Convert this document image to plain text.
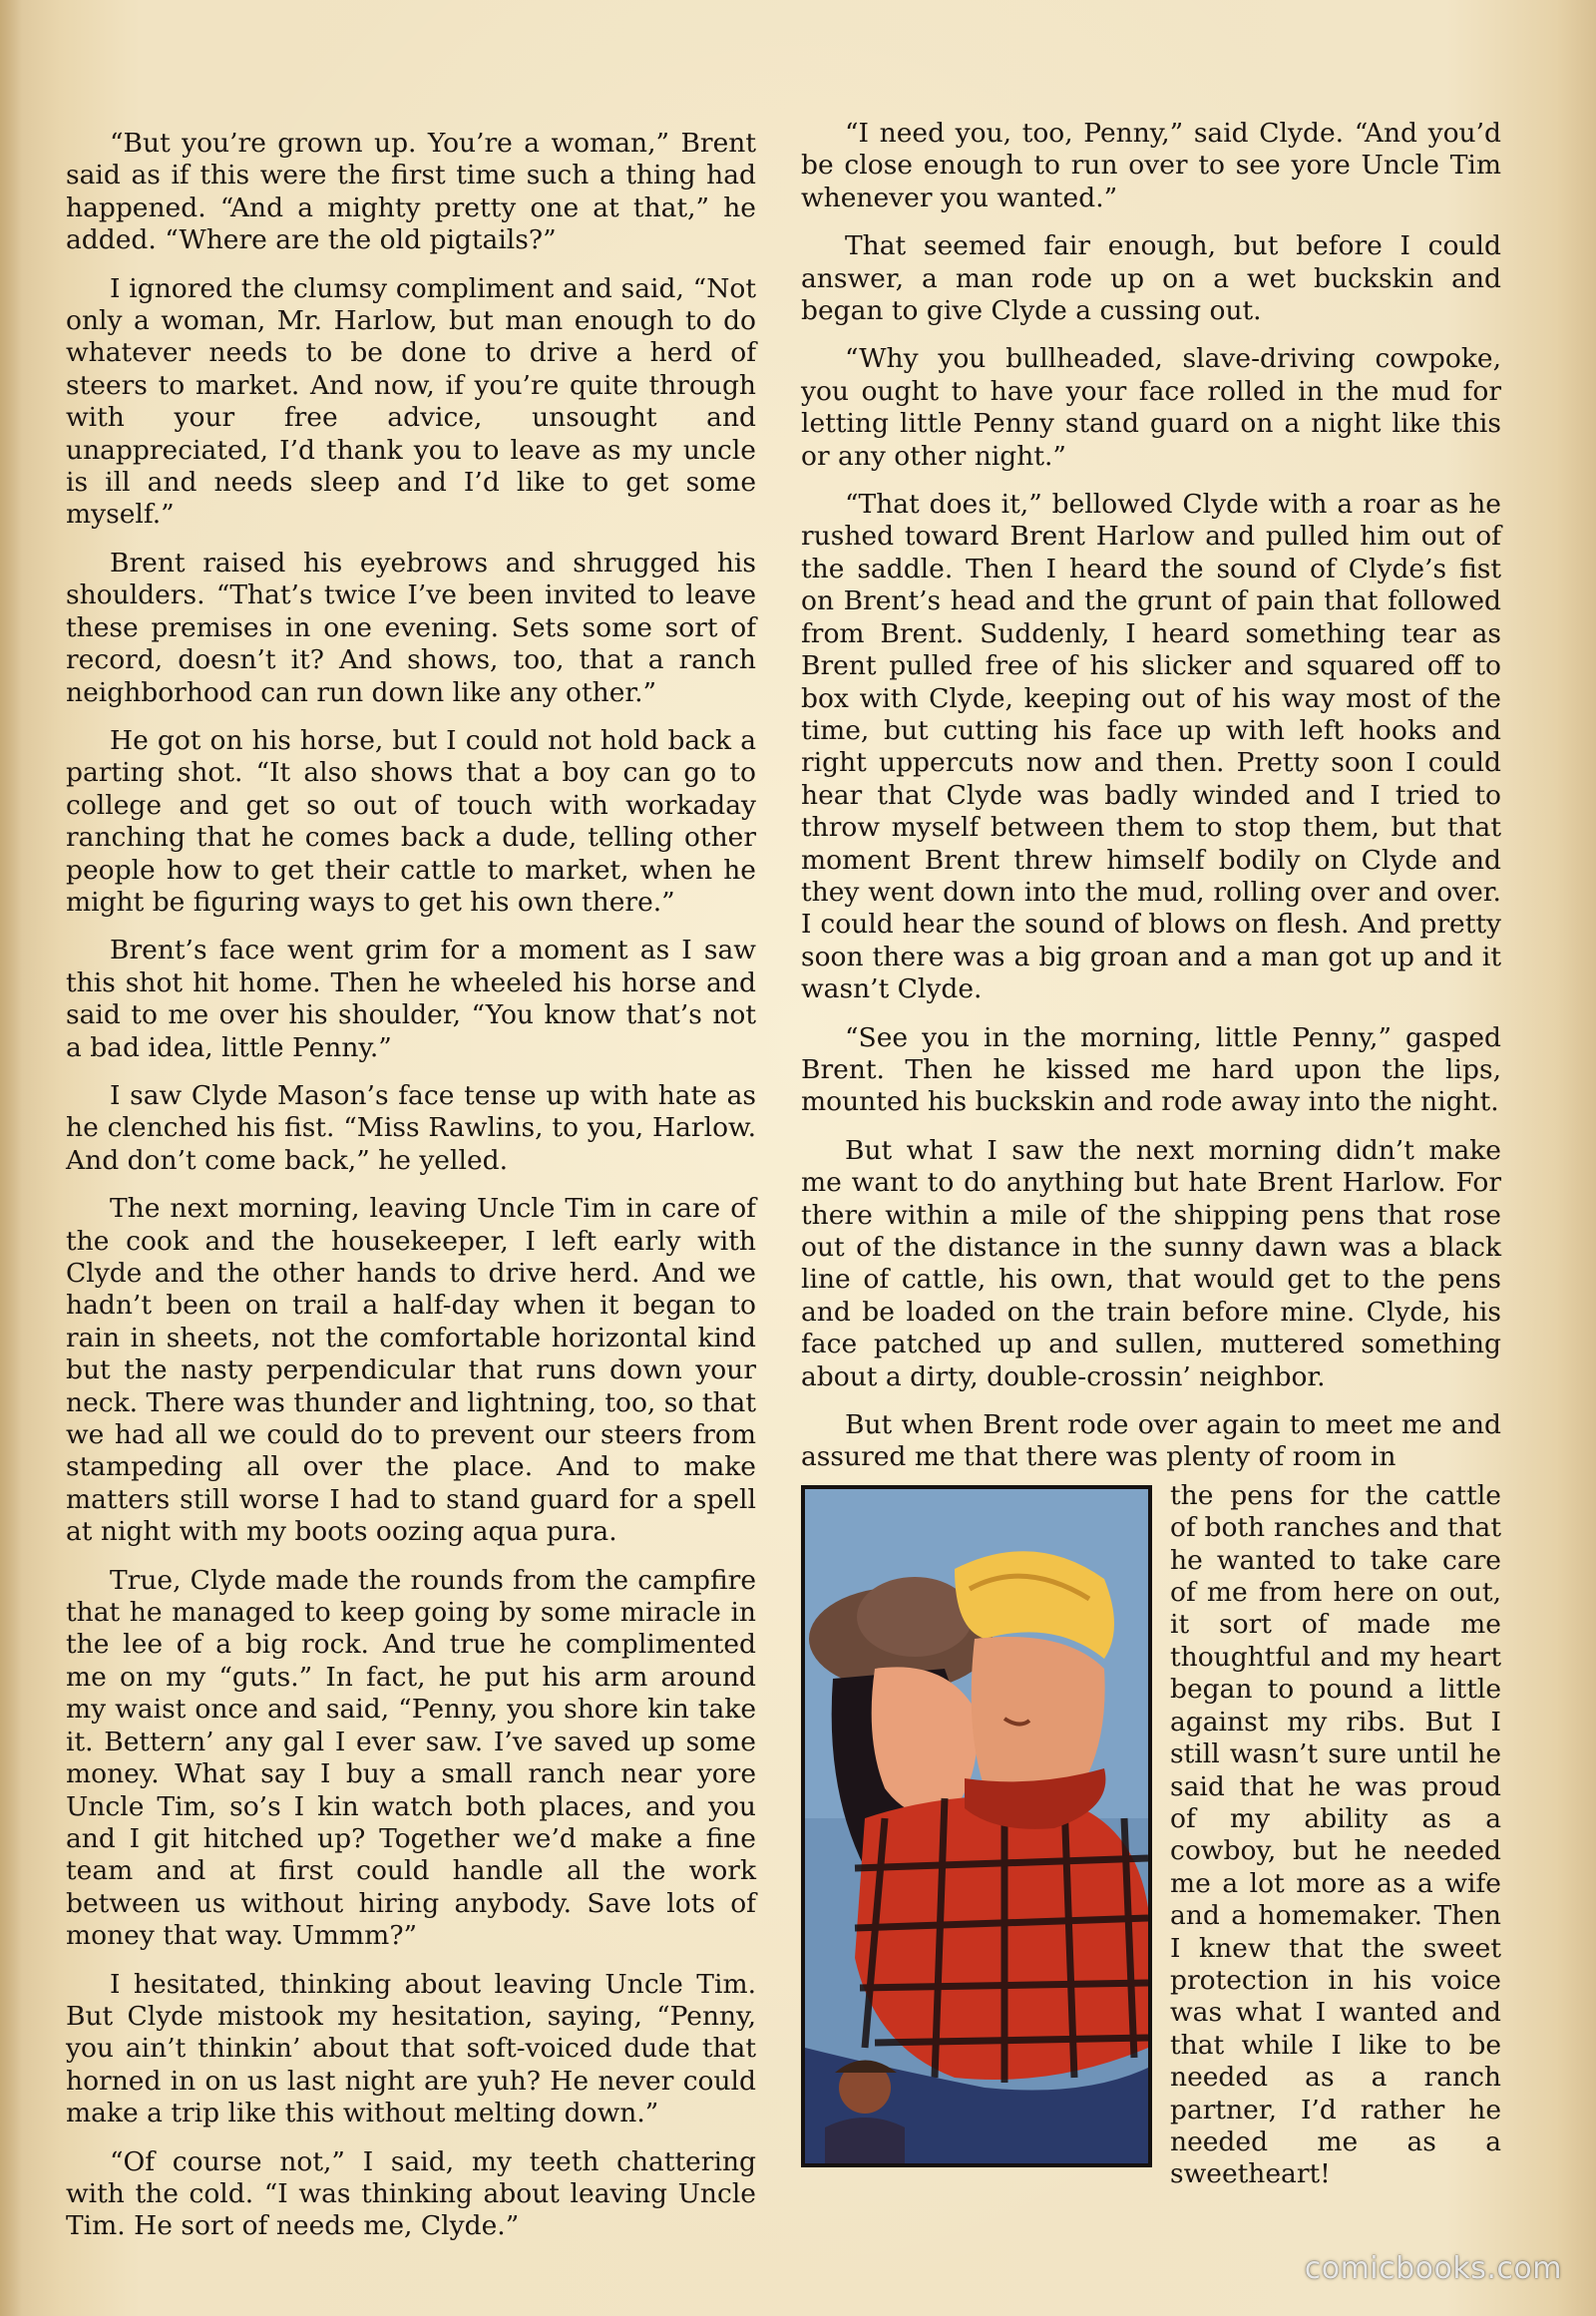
“But you’re grown up. You’re a woman,” Brent said as if this were the first time such a thing had happened. “And a mighty pretty one at that,” he added. “Where are the old pigtails?”

I ignored the clumsy compliment and said, “Not only a woman, Mr. Harlow, but man enough to do whatever needs to be done to drive a herd of steers to market. And now, if you’re quite through with your free advice, unsought and unappreciated, I’d thank you to leave as my uncle is ill and needs sleep and I’d like to get some myself.”

Brent raised his eyebrows and shrugged his shoulders. “That’s twice I’ve been invited to leave these premises in one evening. Sets some sort of record, doesn’t it? And shows, too, that a ranch neighborhood can run down like any other.”

He got on his horse, but I could not hold back a parting shot. “It also shows that a boy can go to college and get so out of touch with workaday ranching that he comes back a dude, telling other people how to get their cattle to market, when he might be figuring ways to get his own there.”

Brent’s face went grim for a moment as I saw this shot hit home. Then he wheeled his horse and said to me over his shoulder, “You know that’s not a bad idea, little Penny.”

I saw Clyde Mason’s face tense up with hate as he clenched his fist. “Miss Rawlins, to you, Harlow. And don’t come back,” he yelled.

The next morning, leaving Uncle Tim in care of the cook and the housekeeper, I left early with Clyde and the other hands to drive herd. And we hadn’t been on trail a half-day when it began to rain in sheets, not the comfortable horizontal kind but the nasty perpendicular that runs down your neck. There was thunder and lightning, too, so that we had all we could do to prevent our steers from stampeding all over the place. And to make matters still worse I had to stand guard for a spell at night with my boots oozing aqua pura.

True, Clyde made the rounds from the campfire that he managed to keep going by some miracle in the lee of a big rock. And true he complimented me on my “guts.” In fact, he put his arm around my waist once and said, “Penny, you shore kin take it. Bettern’ any gal I ever saw. I’ve saved up some money. What say I buy a small ranch near yore Uncle Tim, so’s I kin watch both places, and you and I git hitched up? Together we’d make a fine team and at first could handle all the work between us without hiring anybody. Save lots of money that way. Ummm?”

I hesitated, thinking about leaving Uncle Tim. But Clyde mistook my hesitation, saying, “Penny, you ain’t thinkin’ about that soft-voiced dude that horned in on us last night are yuh? He never could make a trip like this without melting down.”

“Of course not,” I said, my teeth chattering with the cold. “I was thinking about leaving Uncle Tim. He sort of needs me, Clyde.”

“I need you, too, Penny,” said Clyde. “And you’d be close enough to run over to see yore Uncle Tim whenever you wanted.”

That seemed fair enough, but before I could answer, a man rode up on a wet buckskin and began to give Clyde a cussing out.

“Why you bullheaded, slave-driving cowpoke, you ought to have your face rolled in the mud for letting little Penny stand guard on a night like this or any other night.”

“That does it,” bellowed Clyde with a roar as he rushed toward Brent Harlow and pulled him out of the saddle. Then I heard the sound of Clyde’s fist on Brent’s head and the grunt of pain that followed from Brent. Suddenly, I heard something tear as Brent pulled free of his slicker and squared off to box with Clyde, keeping out of his way most of the time, but cutting his face up with left hooks and right uppercuts now and then. Pretty soon I could hear that Clyde was badly winded and I tried to throw myself between them to stop them, but that moment Brent threw himself bodily on Clyde and they went down into the mud, rolling over and over. I could hear the sound of blows on flesh. And pretty soon there was a big groan and a man got up and it wasn’t Clyde.

“See you in the morning, little Penny,” gasped Brent. Then he kissed me hard upon the lips, mounted his buckskin and rode away into the night.

But what I saw the next morning didn’t make me want to do anything but hate Brent Harlow. For there within a mile of the shipping pens that rose out of the distance in the sunny dawn was a black line of cattle, his own, that would get to the pens and be loaded on the train before mine. Clyde, his face patched up and sullen, muttered something about a dirty, double-crossin’ neighbor.

But when Brent rode over again to meet me and assured me that there was plenty of room in

the pens for the cattle of both ranches and that he wanted to take care of me from here on out, it sort of made me thoughtful and my heart began to pound a little against my ribs. But I still wasn’t sure until he said that he was proud of my ability as a cowboy, but he needed me a lot more as a wife and a homemaker. Then I knew that the sweet protection in his voice was what I wanted and that while I like to be needed as a ranch partner, I’d rather he needed me as a sweetheart!
comicbooks.com
